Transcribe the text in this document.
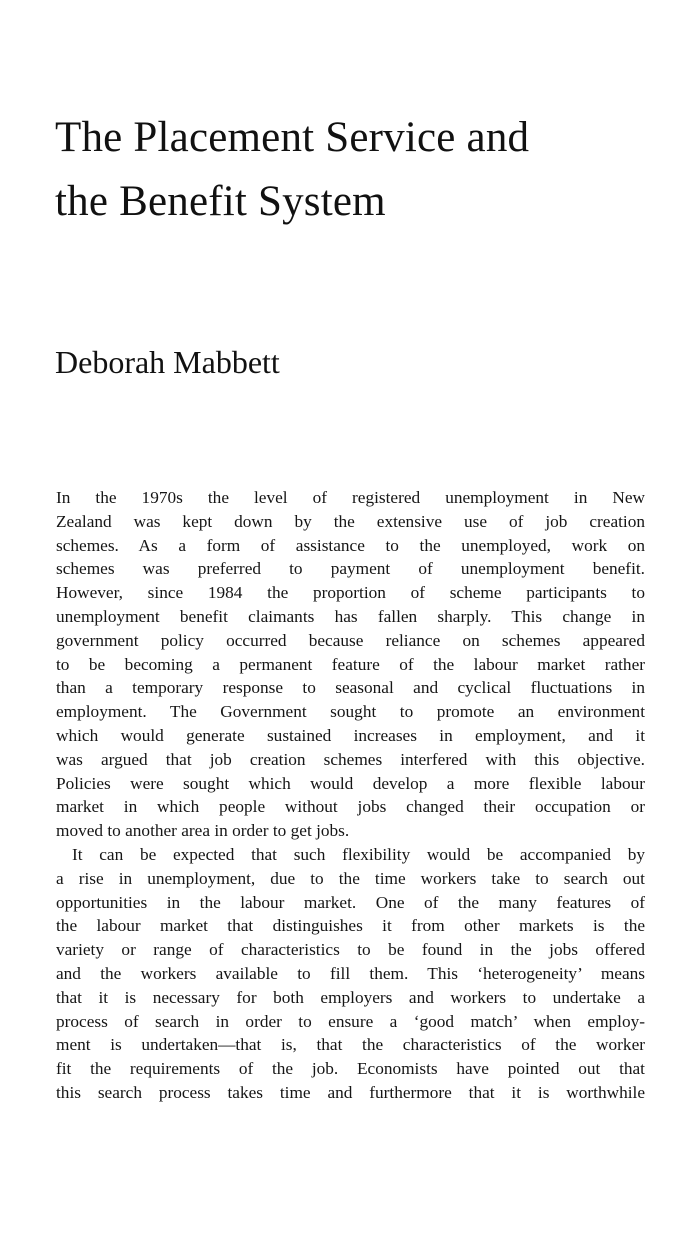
The Placement Service and
the Benefit System
Deborah Mabbett
In the 1970s the level of registered unemployment in New
Zealand was kept down by the extensive use of job creation
schemes. As a form of assistance to the unemployed, work on
schemes was preferred to payment of unemployment benefit.
However, since 1984 the proportion of scheme participants to
unemployment benefit claimants has fallen sharply. This change in
government policy occurred because reliance on schemes appeared
to be becoming a permanent feature of the labour market rather
than a temporary response to seasonal and cyclical fluctuations in
employment. The Government sought to promote an environment
which would generate sustained increases in employment, and it
was argued that job creation schemes interfered with this objective.
Policies were sought which would develop a more flexible labour
market in which people without jobs changed their occupation or
moved to another area in order to get jobs.
It can be expected that such flexibility would be accompanied by
a rise in unemployment, due to the time workers take to search out
opportunities in the labour market. One of the many features of
the labour market that distinguishes it from other markets is the
variety or range of characteristics to be found in the jobs offered
and the workers available to fill them. This ‘heterogeneity’ means
that it is necessary for both employers and workers to undertake a
process of search in order to ensure a ‘good match’ when employ-
ment is undertaken—that is, that the characteristics of the worker
fit the requirements of the job. Economists have pointed out that
this search process takes time and furthermore that it is worthwhile
